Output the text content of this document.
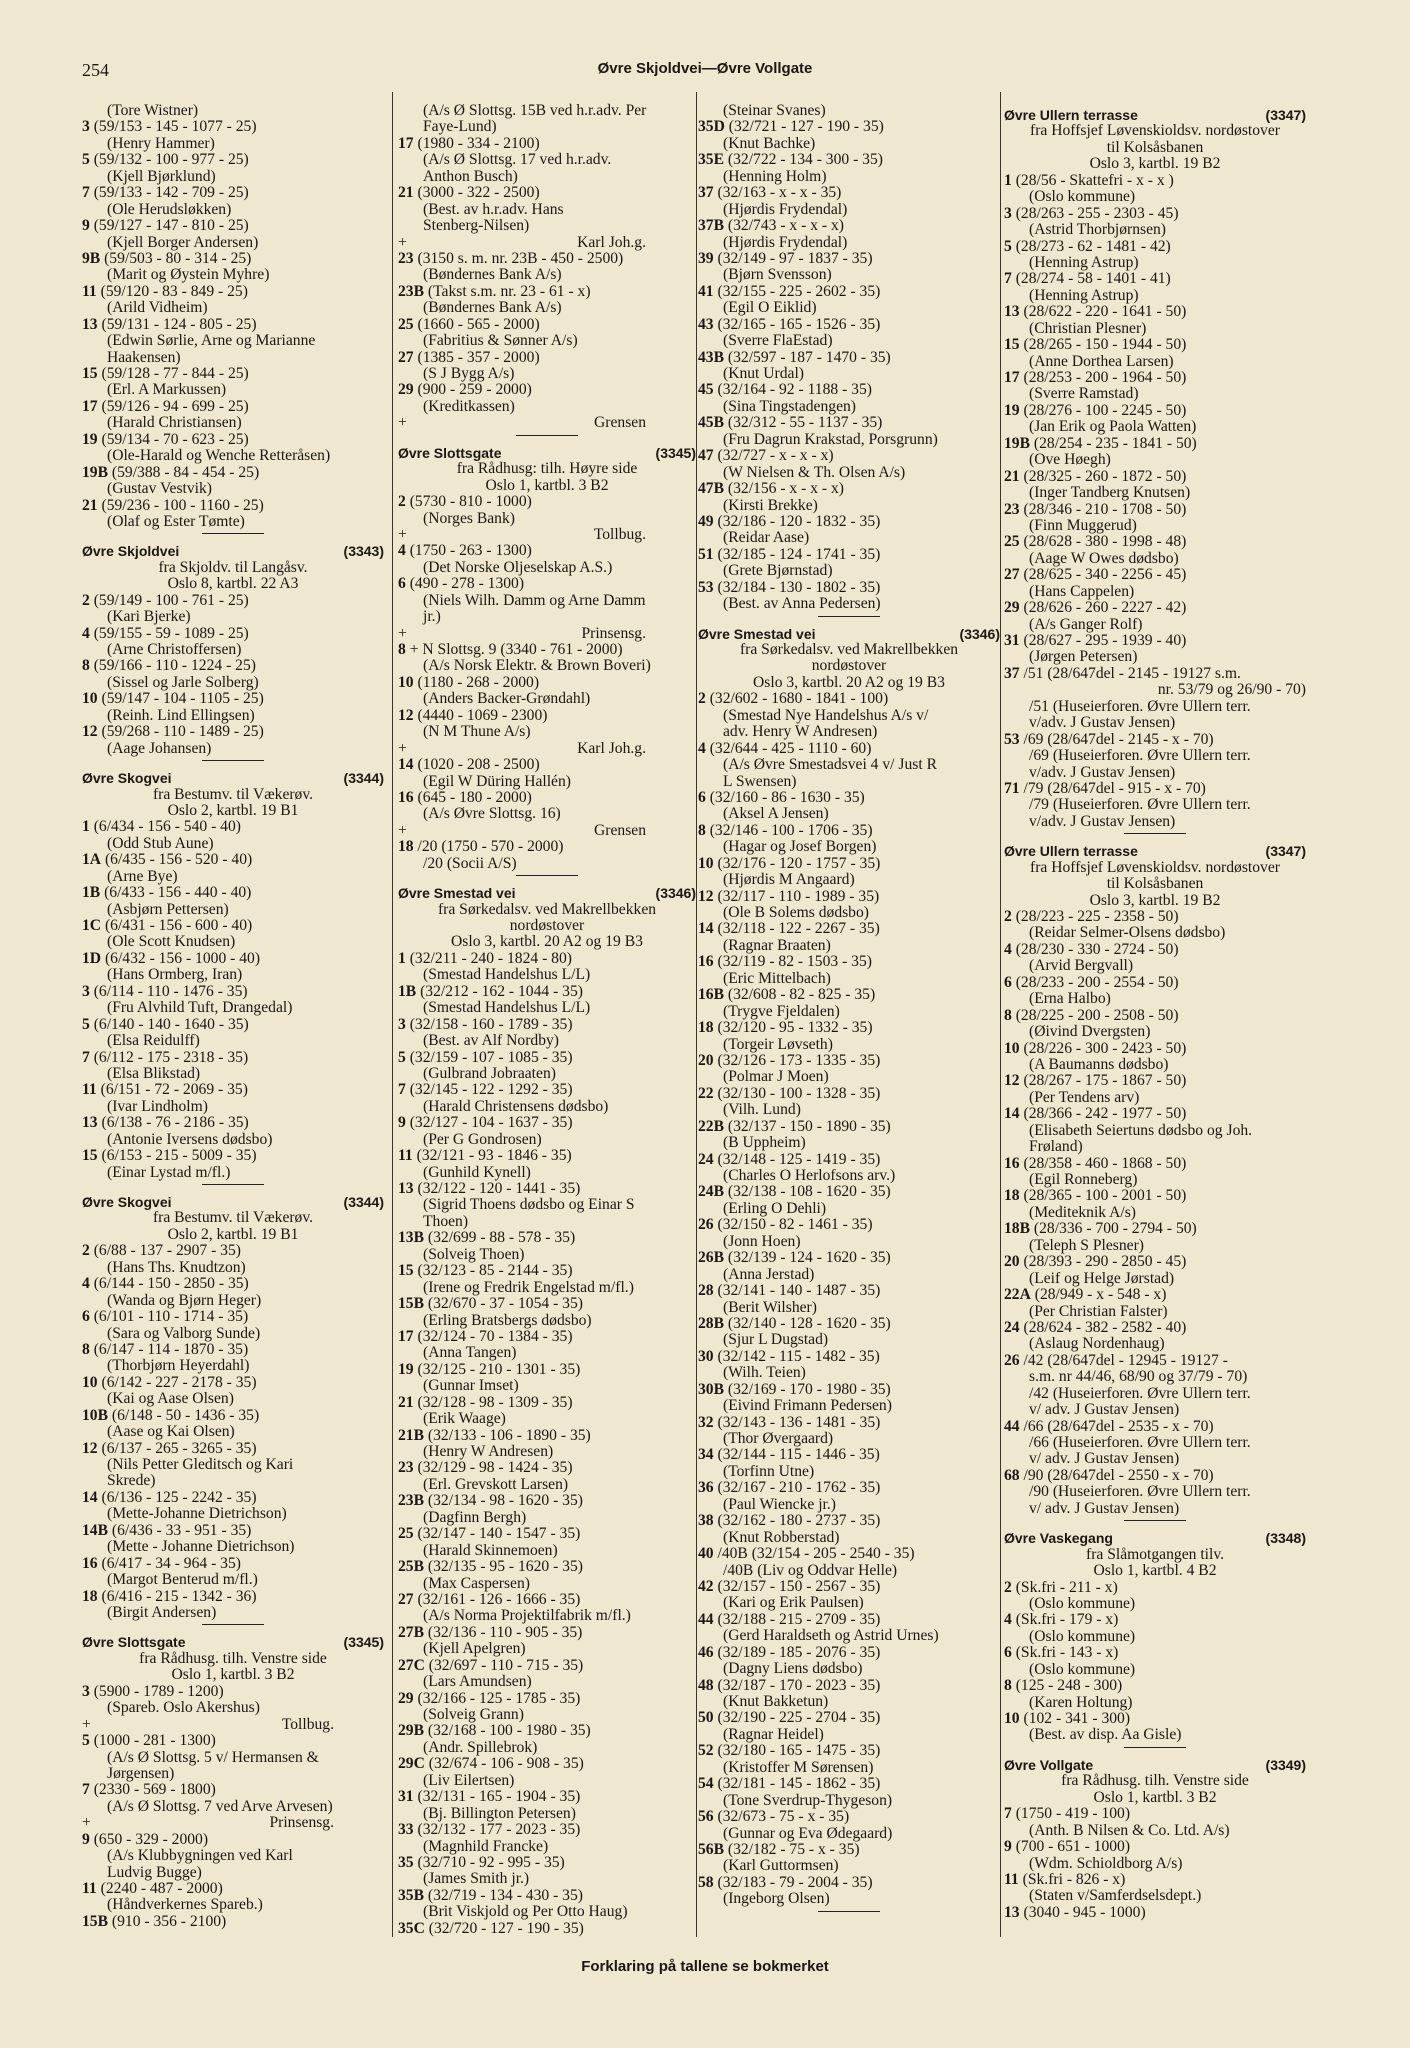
254	Øvre Skjoldvei—Øvre Vollgate
(Tore Wistner)
3 (59/153 - 145 - 1077 - 25)
(Henry Hammer)
5 (59/132 - 100 - 977 - 25)
(Kjell Bjørklund)
7 (59/133 - 142 - 709 - 25)
(Ole Herudsløkken)
9 (59/127 - 147 - 810 - 25)
(Kjell Borger Andersen)
9B (59/503 - 80 - 314 - 25)
(Marit og Øystein Myhre)
11 (59/120 - 83 - 849 - 25)
(Arild Vidheim)
13 (59/131 - 124 - 805 - 25)
(Edwin Sørlie, Arne og Marianne
Haakensen)
15 (59/128 - 77 - 844 - 25)
(Erl. A Markussen)
17 (59/126 - 94 - 699 - 25)
(Harald Christiansen)
19 (59/134 - 70 - 623 - 25)
(Ole-Harald og Wenche Retteråsen)
19B (59/388 - 84 - 454 - 25)
(Gustav Vestvik)
21 (59/236 - 100 - 1160 - 25)
(Olaf og Ester Tømte)
Øvre Skjoldvei	(3343)
fra Skjoldv. til Langåsv.
Oslo 8, kartbl. 22 A3
2 (59/149 - 100 - 761 - 25)
(Kari Bjerke)
4 (59/155 - 59 - 1089 - 25)
(Arne Christoffersen)
8 (59/166 - 110 - 1224 - 25)
(Sissel og Jarle Solberg)
10 (59/147 - 104 - 1105 - 25)
(Reinh. Lind Ellingsen)
12 (59/268 - 110 - 1489 - 25)
(Aage Johansen)
Øvre Skogvei	(3344)
fra Bestumv. til Vækerøv.
Oslo 2, kartbl. 19 B1
1 (6/434 - 156 - 540 - 40)
(Odd Stub Aune)
1A (6/435 - 156 - 520 - 40)
(Arne Bye)
1B (6/433 - 156 - 440 - 40)
(Asbjørn Pettersen)
1C (6/431 - 156 - 600 - 40)
(Ole Scott Knudsen)
1D (6/432 - 156 - 1000 - 40)
(Hans Ormberg, Iran)
3 (6/114 - 110 - 1476 - 35)
(Fru Alvhild Tuft, Drangedal)
5 (6/140 - 140 - 1640 - 35)
(Elsa Reidulff)
7 (6/112 - 175 - 2318 - 35)
(Elsa Blikstad)
11 (6/151 - 72 - 2069 - 35)
(Ivar Lindholm)
13 (6/138 - 76 - 2186 - 35)
(Antonie Iversens dødsbo)
15 (6/153 - 215 - 5009 - 35)
(Einar Lystad m/fl.)
Øvre Skogvei	(3344)
fra Bestumv. til Vækerøv.
Oslo 2, kartbl. 19 B1
2 (6/88 - 137 - 2907 - 35)
(Hans Ths. Knudtzon)
4 (6/144 - 150 - 2850 - 35)
(Wanda og Bjørn Heger)
6 (6/101 - 110 - 1714 - 35)
(Sara og Valborg Sunde)
8 (6/147 - 114 - 1870 - 35)
(Thorbjørn Heyerdahl)
10 (6/142 - 227 - 2178 - 35)
(Kai og Aase Olsen)
10B (6/148 - 50 - 1436 - 35)
(Aase og Kai Olsen)
12 (6/137 - 265 - 3265 - 35)
(Nils Petter Gleditsch og Kari
Skrede)
14 (6/136 - 125 - 2242 - 35)
(Mette-Johanne Dietrichson)
14B (6/436 - 33 - 951 - 35)
(Mette - Johanne Dietrichson)
16 (6/417 - 34 - 964 - 35)
(Margot Benterud m/fl.)
18 (6/416 - 215 - 1342 - 36)
(Birgit Andersen)
Øvre Slottsgate	(3345)
fra Rådhusg. tilh. Venstre side
Oslo 1, kartbl. 3 B2
3 (5900 - 1789 - 1200)
(Spareb. Oslo Akershus)
+	Tollbug.
5 (1000 - 281 - 1300)
(A/s Ø Slottsg. 5 v/ Hermansen &
Jørgensen)
7 (2330 - 569 - 1800)
(A/s Ø Slottsg. 7 ved Arve Arvesen)
+	Prinsensg.
9 (650 - 329 - 2000)
(A/s Klubbygningen ved Karl
Ludvig Bugge)
11 (2240 - 487 - 2000)
(Håndverkernes Spareb.)
15B (910 - 356 - 2100)
(A/s Ø Slottsg. 15B ved h.r.adv. Per
Faye-Lund)
17 (1980 - 334 - 2100)
(A/s Ø Slottsg. 17 ved h.r.adv.
Anthon Busch)
21 (3000 - 322 - 2500)
(Best. av h.r.adv. Hans
Stenberg-Nilsen)
+	Karl Joh.g.
23 (3150 s. m. nr. 23B - 450 - 2500)
(Bøndernes Bank A/s)
23B (Takst s.m. nr. 23 - 61 - x)
(Bøndernes Bank A/s)
25 (1660 - 565 - 2000)
(Fabritius & Sønner A/s)
27 (1385 - 357 - 2000)
(S J Bygg A/s)
29 (900 - 259 - 2000)
(Kreditkassen)
+	Grensen
Øvre Slottsgate	(3345)
fra Rådhusg: tilh. Høyre side
Oslo 1, kartbl. 3 B2
2 (5730 - 810 - 1000)
(Norges Bank)
+	Tollbug.
4 (1750 - 263 - 1300)
(Det Norske Oljeselskap A.S.)
6 (490 - 278 - 1300)
(Niels Wilh. Damm og Arne Damm
jr.)
+	Prinsensg.
8 + N Slottsg. 9 (3340 - 761 - 2000)
(A/s Norsk Elektr. & Brown Boveri)
10 (1180 - 268 - 2000)
(Anders Backer-Grøndahl)
12 (4440 - 1069 - 2300)
(N M Thune A/s)
+	Karl Joh.g.
14 (1020 - 208 - 2500)
(Egil W Düring Hallén)
16 (645 - 180 - 2000)
(A/s Øvre Slottsg. 16)
+	Grensen
18 /20 (1750 - 570 - 2000)
/20 (Socii A/S)
Øvre Smestad vei	(3346)
fra Sørkedalsv. ved Makrellbekken
nordøstover
Oslo 3, kartbl. 20 A2 og 19 B3
1 (32/211 - 240 - 1824 - 80)
(Smestad Handelshus L/L)
1B (32/212 - 162 - 1044 - 35)
(Smestad Handelshus L/L)
3 (32/158 - 160 - 1789 - 35)
(Best. av Alf Nordby)
5 (32/159 - 107 - 1085 - 35)
(Gulbrand Jobraaten)
7 (32/145 - 122 - 1292 - 35)
(Harald Christensens dødsbo)
9 (32/127 - 104 - 1637 - 35)
(Per G Gondrosen)
11 (32/121 - 93 - 1846 - 35)
(Gunhild Kynell)
13 (32/122 - 120 - 1441 - 35)
(Sigrid Thoens dødsbo og Einar S
Thoen)
13B (32/699 - 88 - 578 - 35)
(Solveig Thoen)
15 (32/123 - 85 - 2144 - 35)
(Irene og Fredrik Engelstad m/fl.)
15B (32/670 - 37 - 1054 - 35)
(Erling Bratsbergs dødsbo)
17 (32/124 - 70 - 1384 - 35)
(Anna Tangen)
19 (32/125 - 210 - 1301 - 35)
(Gunnar Imset)
21 (32/128 - 98 - 1309 - 35)
(Erik Waage)
21B (32/133 - 106 - 1890 - 35)
(Henry W Andresen)
23 (32/129 - 98 - 1424 - 35)
(Erl. Grevskott Larsen)
23B (32/134 - 98 - 1620 - 35)
(Dagfinn Bergh)
25 (32/147 - 140 - 1547 - 35)
(Harald Skinnemoen)
25B (32/135 - 95 - 1620 - 35)
(Max Caspersen)
27 (32/161 - 126 - 1666 - 35)
(A/s Norma Projektilfabrik m/fl.)
27B (32/136 - 110 - 905 - 35)
(Kjell Apelgren)
27C (32/697 - 110 - 715 - 35)
(Lars Amundsen)
29 (32/166 - 125 - 1785 - 35)
(Solveig Grann)
29B (32/168 - 100 - 1980 - 35)
(Andr. Spillebrok)
29C (32/674 - 106 - 908 - 35)
(Liv Eilertsen)
31 (32/131 - 165 - 1904 - 35)
(Bj. Billington Petersen)
33 (32/132 - 177 - 2023 - 35)
(Magnhild Francke)
35 (32/710 - 92 - 995 - 35)
(James Smith jr.)
35B (32/719 - 134 - 430 - 35)
(Brit Viskjold og Per Otto Haug)
35C (32/720 - 127 - 190 - 35)
(Steinar Svanes)
35D (32/721 - 127 - 190 - 35)
(Knut Bachke)
35E (32/722 - 134 - 300 - 35)
(Henning Holm)
37 (32/163 - x - x - 35)
(Hjørdis Frydendal)
37B (32/743 - x - x - x)
(Hjørdis Frydendal)
39 (32/149 - 97 - 1837 - 35)
(Bjørn Svensson)
41 (32/155 - 225 - 2602 - 35)
(Egil O Eiklid)
43 (32/165 - 165 - 1526 - 35)
(Sverre FlaEstad)
43B (32/597 - 187 - 1470 - 35)
(Knut Urdal)
45 (32/164 - 92 - 1188 - 35)
(Sina Tingstadengen)
45B (32/312 - 55 - 1137 - 35)
(Fru Dagrun Krakstad, Porsgrunn)
47 (32/727 - x - x - x)
(W Nielsen & Th. Olsen A/s)
47B (32/156 - x - x - x)
(Kirsti Brekke)
49 (32/186 - 120 - 1832 - 35)
(Reidar Aase)
51 (32/185 - 124 - 1741 - 35)
(Grete Bjørnstad)
53 (32/184 - 130 - 1802 - 35)
(Best. av Anna Pedersen)
Øvre Smestad vei	(3346)
fra Sørkedalsv. ved Makrellbekken
nordøstover
Oslo 3, kartbl. 20 A2 og 19 B3
2 (32/602 - 1680 - 1841 - 100)
(Smestad Nye Handelshus A/s v/
adv. Henry W Andresen)
4 (32/644 - 425 - 1110 - 60)
(A/s Øvre Smestadsvei 4 v/ Just R
L Swensen)
6 (32/160 - 86 - 1630 - 35)
(Aksel A Jensen)
8 (32/146 - 100 - 1706 - 35)
(Hagar og Josef Borgen)
10 (32/176 - 120 - 1757 - 35)
(Hjørdis M Angaard)
12 (32/117 - 110 - 1989 - 35)
(Ole B Solems dødsbo)
14 (32/118 - 122 - 2267 - 35)
(Ragnar Braaten)
16 (32/119 - 82 - 1503 - 35)
(Eric Mittelbach)
16B (32/608 - 82 - 825 - 35)
(Trygve Fjeldalen)
18 (32/120 - 95 - 1332 - 35)
(Torgeir Løvseth)
20 (32/126 - 173 - 1335 - 35)
(Polmar J Moen)
22 (32/130 - 100 - 1328 - 35)
(Vilh. Lund)
22B (32/137 - 150 - 1890 - 35)
(B Uppheim)
24 (32/148 - 125 - 1419 - 35)
(Charles O Herlofsons arv.)
24B (32/138 - 108 - 1620 - 35)
(Erling O Dehli)
26 (32/150 - 82 - 1461 - 35)
(Jonn Hoen)
26B (32/139 - 124 - 1620 - 35)
(Anna Jerstad)
28 (32/141 - 140 - 1487 - 35)
(Berit Wilsher)
28B (32/140 - 128 - 1620 - 35)
(Sjur L Dugstad)
30 (32/142 - 115 - 1482 - 35)
(Wilh. Teien)
30B (32/169 - 170 - 1980 - 35)
(Eivind Frimann Pedersen)
32 (32/143 - 136 - 1481 - 35)
(Thor Øvergaard)
34 (32/144 - 115 - 1446 - 35)
(Torfinn Utne)
36 (32/167 - 210 - 1762 - 35)
(Paul Wiencke jr.)
38 (32/162 - 180 - 2737 - 35)
(Knut Robberstad)
40 /40B (32/154 - 205 - 2540 - 35)
/40B (Liv og Oddvar Helle)
42 (32/157 - 150 - 2567 - 35)
(Kari og Erik Paulsen)
44 (32/188 - 215 - 2709 - 35)
(Gerd Haraldseth og Astrid Urnes)
46 (32/189 - 185 - 2076 - 35)
(Dagny Liens dødsbo)
48 (32/187 - 170 - 2023 - 35)
(Knut Bakketun)
50 (32/190 - 225 - 2704 - 35)
(Ragnar Heidel)
52 (32/180 - 165 - 1475 - 35)
(Kristoffer M Sørensen)
54 (32/181 - 145 - 1862 - 35)
(Tone Sverdrup-Thygeson)
56 (32/673 - 75 - x - 35)
(Gunnar og Eva Ødegaard)
56B (32/182 - 75 - x - 35)
(Karl Guttormsen)
58 (32/183 - 79 - 2004 - 35)
(Ingeborg Olsen)
Øvre Ullern terrasse	(3347)
fra Hoffsjef Løvenskioldsv. nordøstover
til Kolsåsbanen
Oslo 3, kartbl. 19 B2
1 (28/56 - Skattefri - x - x )
(Oslo kommune)
3 (28/263 - 255 - 2303 - 45)
(Astrid Thorbjørnsen)
5 (28/273 - 62 - 1481 - 42)
(Henning Astrup)
7 (28/274 - 58 - 1401 - 41)
(Henning Astrup)
13 (28/622 - 220 - 1641 - 50)
(Christian Plesner)
15 (28/265 - 150 - 1944 - 50)
(Anne Dorthea Larsen)
17 (28/253 - 200 - 1964 - 50)
(Sverre Ramstad)
19 (28/276 - 100 - 2245 - 50)
(Jan Erik og Paola Watten)
19B (28/254 - 235 - 1841 - 50)
(Ove Høegh)
21 (28/325 - 260 - 1872 - 50)
(Inger Tandberg Knutsen)
23 (28/346 - 210 - 1708 - 50)
(Finn Muggerud)
25 (28/628 - 380 - 1998 - 48)
(Aage W Owes dødsbo)
27 (28/625 - 340 - 2256 - 45)
(Hans Cappelen)
29 (28/626 - 260 - 2227 - 42)
(A/s Ganger Rolf)
31 (28/627 - 295 - 1939 - 40)
(Jørgen Petersen)
37 /51 (28/647del - 2145 - 19127 s.m.
nr. 53/79 og 26/90 - 70)
/51 (Huseierforen. Øvre Ullern terr.
v/adv. J Gustav Jensen)
53 /69 (28/647del - 2145 - x - 70)
/69 (Huseierforen. Øvre Ullern terr.
v/adv. J Gustav Jensen)
71 /79 (28/647del - 915 - x - 70)
/79 (Huseierforen. Øvre Ullern terr.
v/adv. J Gustav Jensen)
Øvre Ullern terrasse	(3347)
fra Hoffsjef Løvenskioldsv. nordøstover
til Kolsåsbanen
Oslo 3, kartbl. 19 B2
2 (28/223 - 225 - 2358 - 50)
(Reidar Selmer-Olsens dødsbo)
4 (28/230 - 330 - 2724 - 50)
(Arvid Bergvall)
6 (28/233 - 200 - 2554 - 50)
(Erna Halbo)
8 (28/225 - 200 - 2508 - 50)
(Øivind Dvergsten)
10 (28/226 - 300 - 2423 - 50)
(A Baumanns dødsbo)
12 (28/267 - 175 - 1867 - 50)
(Per Tendens arv)
14 (28/366 - 242 - 1977 - 50)
(Elisabeth Seiertuns dødsbo og Joh.
Frøland)
16 (28/358 - 460 - 1868 - 50)
(Egil Ronneberg)
18 (28/365 - 100 - 2001 - 50)
(Mediteknik A/s)
18B (28/336 - 700 - 2794 - 50)
(Teleph S Plesner)
20 (28/393 - 290 - 2850 - 45)
(Leif og Helge Jørstad)
22A (28/949 - x - 548 - x)
(Per Christian Falster)
24 (28/624 - 382 - 2582 - 40)
(Aslaug Nordenhaug)
26 /42 (28/647del - 12945 - 19127 -
s.m. nr 44/46, 68/90 og 37/79 - 70)
/42 (Huseierforen. Øvre Ullern terr.
v/ adv. J Gustav Jensen)
44 /66 (28/647del - 2535 - x - 70)
/66 (Huseierforen. Øvre Ullern terr.
v/ adv. J Gustav Jensen)
68 /90 (28/647del - 2550 - x - 70)
/90 (Huseierforen. Øvre Ullern terr.
v/ adv. J Gustav Jensen)
Øvre Vaskegang	(3348)
fra Slåmotgangen tilv.
Oslo 1, kartbl. 4 B2
2 (Sk.fri - 211 - x)
(Oslo kommune)
4 (Sk.fri - 179 - x)
(Oslo kommune)
6 (Sk.fri - 143 - x)
(Oslo kommune)
8 (125 - 248 - 300)
(Karen Holtung)
10 (102 - 341 - 300)
(Best. av disp. Aa Gisle)
Øvre Vollgate	(3349)
fra Rådhusg. tilh. Venstre side
Oslo 1, kartbl. 3 B2
7 (1750 - 419 - 100)
(Anth. B Nilsen & Co. Ltd. A/s)
9 (700 - 651 - 1000)
(Wdm. Schioldborg A/s)
11 (Sk.fri - 826 - x)
(Staten v/Samferdselsdept.)
13 (3040 - 945 - 1000)
Forklaring på tallene se bokmerket
